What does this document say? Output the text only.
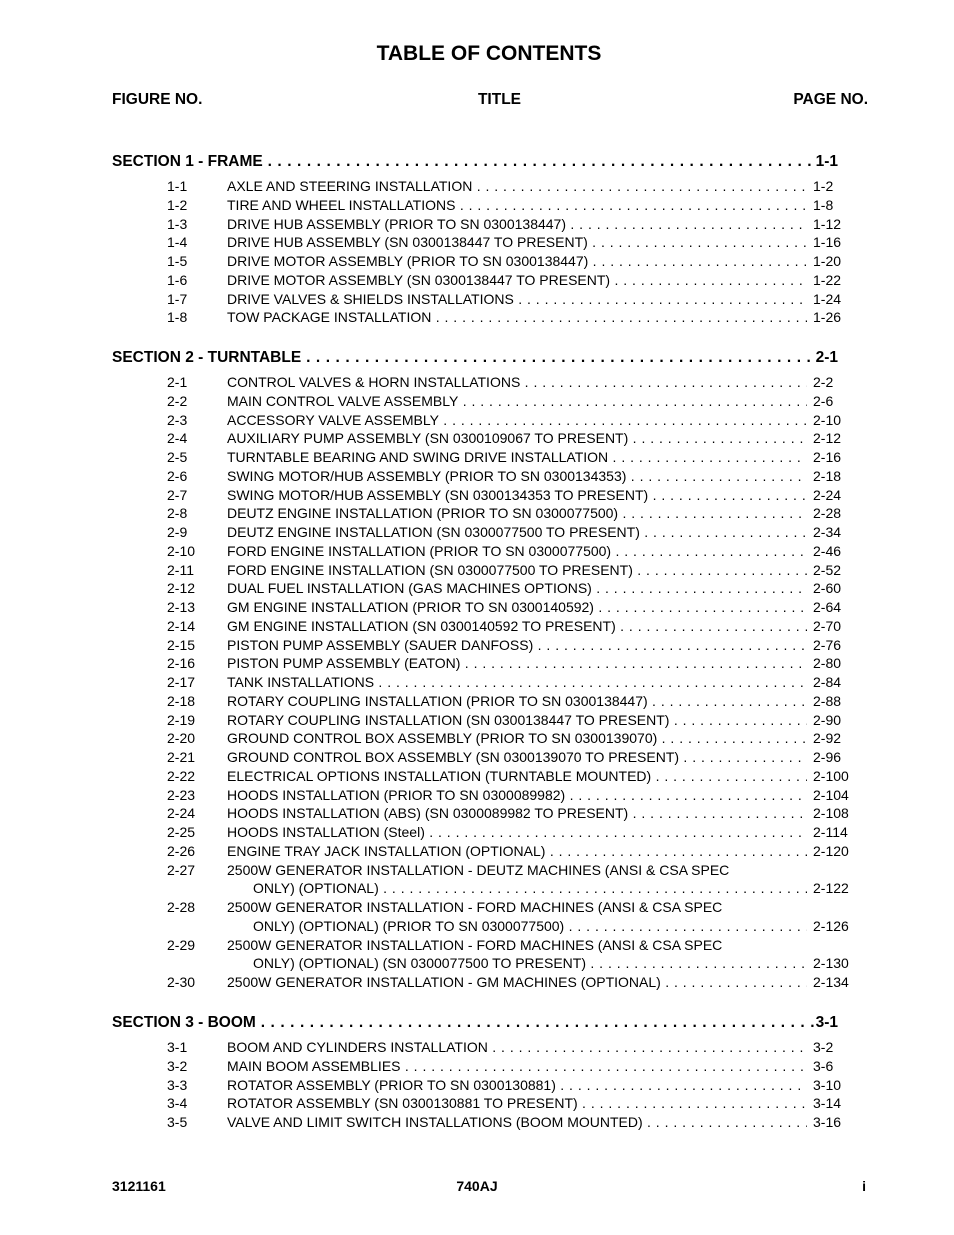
TABLE OF CONTENTS
FIGURE NO.	TITLE	PAGE NO.
SECTION 1 - FRAME . . .	1-1
1-1	AXLE AND STEERING INSTALLATION . . .	1-2
1-2	TIRE AND WHEEL INSTALLATIONS . . .	1-8
1-3	DRIVE HUB ASSEMBLY (PRIOR TO SN 0300138447) . . .	1-12
1-4	DRIVE HUB ASSEMBLY (SN 0300138447 TO PRESENT) . . .	1-16
1-5	DRIVE MOTOR ASSEMBLY (PRIOR TO SN 0300138447) . . .	1-20
1-6	DRIVE MOTOR ASSEMBLY (SN 0300138447 TO PRESENT) . . .	1-22
1-7	DRIVE VALVES & SHIELDS INSTALLATIONS . . .	1-24
1-8	TOW PACKAGE INSTALLATION . . .	1-26
SECTION 2 - TURNTABLE . . .	2-1
2-1	CONTROL VALVES & HORN INSTALLATIONS . . .	2-2
2-2	MAIN CONTROL VALVE ASSEMBLY . . .	2-6
2-3	ACCESSORY VALVE ASSEMBLY . . .	2-10
2-4	AUXILIARY PUMP ASSEMBLY (SN 0300109067 TO PRESENT) . . .	2-12
2-5	TURNTABLE BEARING AND SWING DRIVE INSTALLATION . . .	2-16
2-6	SWING MOTOR/HUB ASSEMBLY (PRIOR TO SN 0300134353) . . .	2-18
2-7	SWING MOTOR/HUB ASSEMBLY (SN 0300134353 TO PRESENT) . . .	2-24
2-8	DEUTZ ENGINE INSTALLATION (PRIOR TO SN 0300077500) . . .	2-28
2-9	DEUTZ ENGINE INSTALLATION (SN 0300077500 TO PRESENT) . . .	2-34
2-10 FORD ENGINE INSTALLATION (PRIOR TO SN 0300077500) . . .	2-46
2-11 FORD ENGINE INSTALLATION (SN 0300077500 TO PRESENT) . . .	2-52
2-12 DUAL FUEL INSTALLATION (GAS MACHINES OPTIONS) . . .	2-60
2-13 GM ENGINE INSTALLATION (PRIOR TO SN 0300140592) . . .	2-64
2-14 GM ENGINE INSTALLATION (SN 0300140592 TO PRESENT) . . .	2-70
2-15 PISTON PUMP ASSEMBLY (SAUER DANFOSS) . . .	2-76
2-16 PISTON PUMP ASSEMBLY (EATON) . . .	2-80
2-17 TANK INSTALLATIONS . . .	2-84
2-18 ROTARY COUPLING INSTALLATION (PRIOR TO SN 0300138447) . . .	2-88
2-19 ROTARY COUPLING INSTALLATION (SN 0300138447 TO PRESENT) . . .	2-90
2-20 GROUND CONTROL BOX ASSEMBLY (PRIOR TO SN 0300139070) . . .	2-92
2-21 GROUND CONTROL BOX ASSEMBLY (SN 0300139070 TO PRESENT) . . .	2-96
2-22 ELECTRICAL OPTIONS INSTALLATION (TURNTABLE MOUNTED) . . .	2-100
2-23 HOODS INSTALLATION (PRIOR TO SN 0300089982) . . .	2-104
2-24 HOODS INSTALLATION (ABS) (SN 0300089982 TO PRESENT) . . .	2-108
2-25 HOODS INSTALLATION (Steel) . . .	2-114
2-26 ENGINE TRAY JACK INSTALLATION (OPTIONAL) . . .	2-120
2-27 2500W GENERATOR INSTALLATION - DEUTZ MACHINES (ANSI & CSA SPEC
ONLY) (OPTIONAL) . . .	2-122
2-28 2500W GENERATOR INSTALLATION - FORD MACHINES (ANSI & CSA SPEC
ONLY) (OPTIONAL) (PRIOR TO SN 0300077500) . . .	2-126
2-29 2500W GENERATOR INSTALLATION - FORD MACHINES (ANSI & CSA SPEC
ONLY) (OPTIONAL) (SN 0300077500 TO PRESENT) . . .	2-130
2-30 2500W GENERATOR INSTALLATION - GM MACHINES (OPTIONAL) . . .	2-134
SECTION 3 - BOOM . . .	3-1
3-1	BOOM AND CYLINDERS INSTALLATION . . .	3-2
3-2	MAIN BOOM ASSEMBLIES . . .	3-6
3-3	ROTATOR ASSEMBLY (PRIOR TO SN 0300130881) . . .	3-10
3-4	ROTATOR ASSEMBLY (SN 0300130881 TO PRESENT) . . .	3-14
3-5	VALVE AND LIMIT SWITCH INSTALLATIONS (BOOM MOUNTED) . . .	3-16
3121161	740AJ	i
